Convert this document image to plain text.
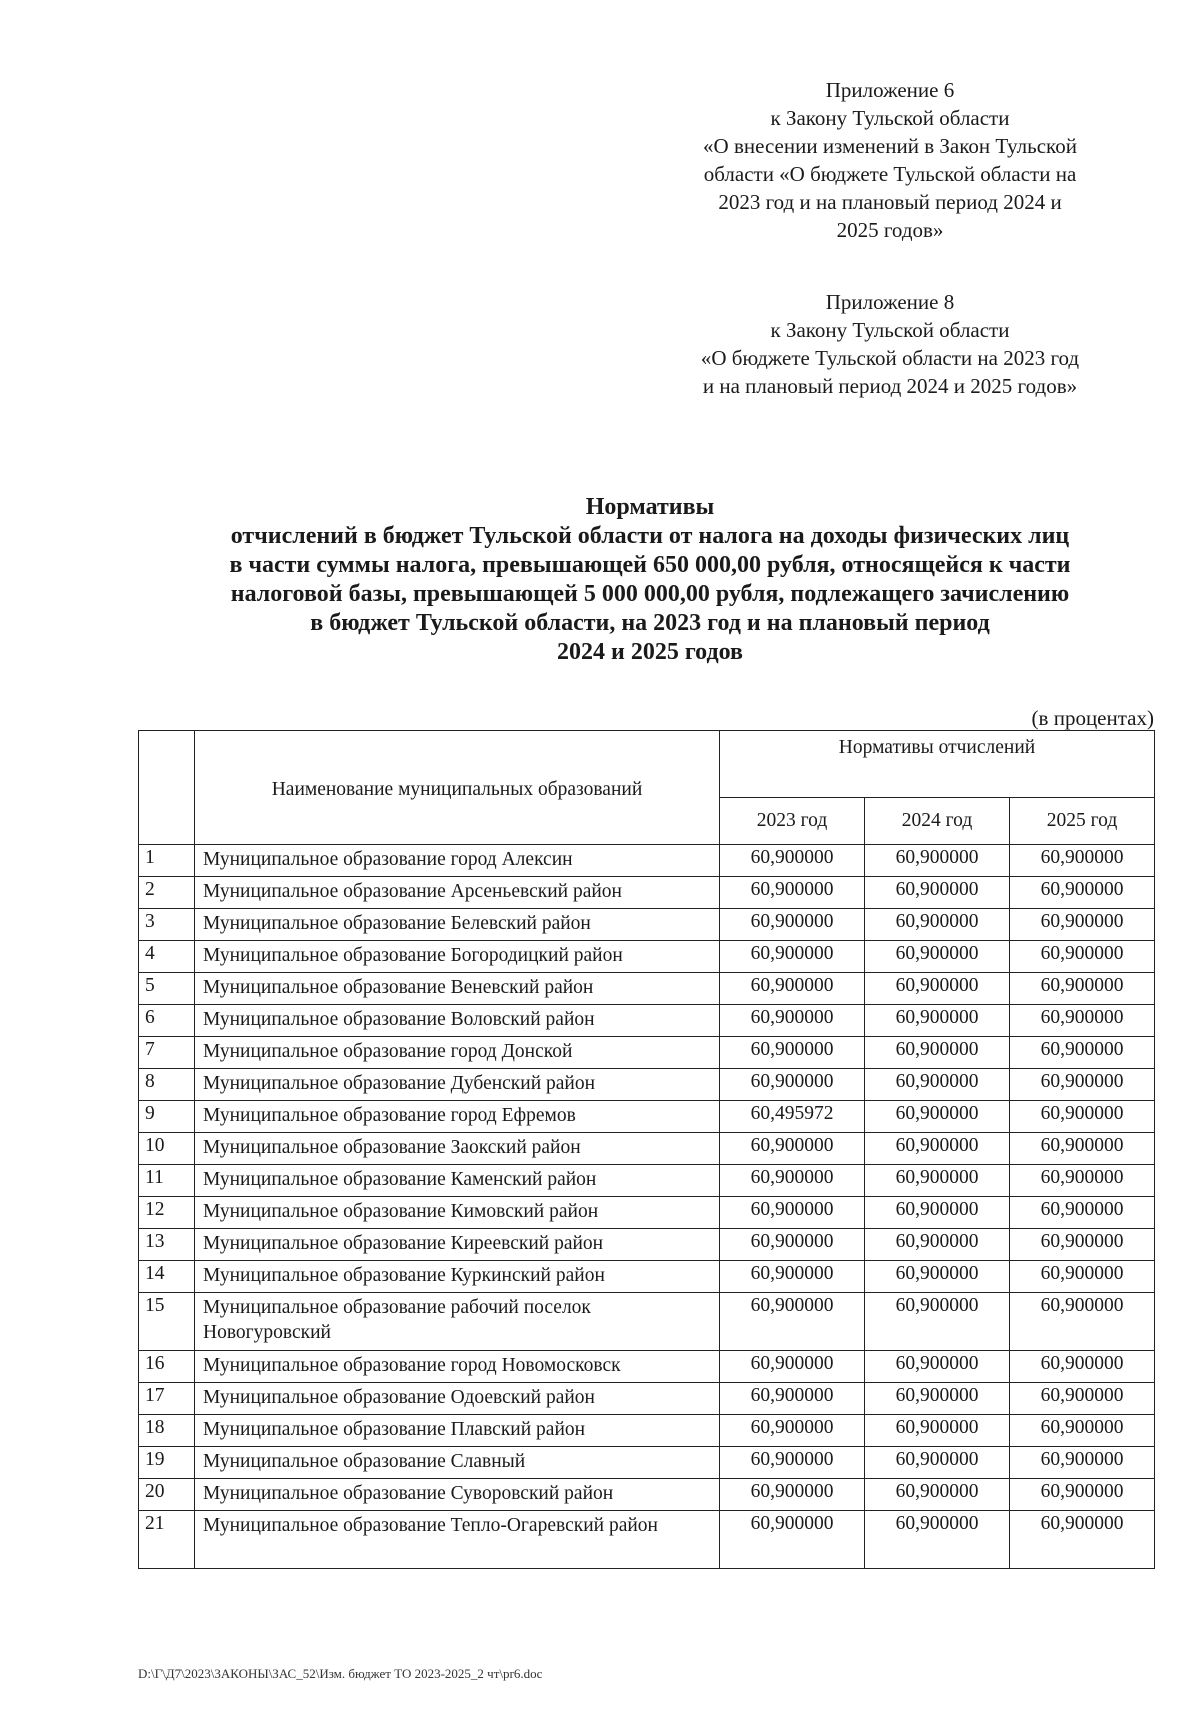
Приложение 6
к Закону Тульской области
«О внесении изменений в Закон Тульской
области «О бюджете Тульской области на
2023 год и на плановый период 2024 и
2025 годов»
Приложение 8
к Закону Тульской области
«О бюджете Тульской области на 2023 год
и на плановый период 2024 и 2025 годов»
Нормативы
отчислений в бюджет Тульской области от налога на доходы физических лиц
в части суммы налога, превышающей 650 000,00 рубля, относящейся к части
налоговой базы, превышающей 5 000 000,00 рубля, подлежащего зачислению
в бюджет Тульской области, на 2023 год и на плановый период
2024 и 2025 годов
(в процентах)
	Наименование муниципальных образований	Нормативы отчислений		
		2023 год	2024 год	2025 год
1	Муниципальное образование город Алексин	60,900000	60,900000	60,900000
2	Муниципальное образование Арсеньевский район	60,900000	60,900000	60,900000
3	Муниципальное образование Белевский район	60,900000	60,900000	60,900000
4	Муниципальное образование Богородицкий район	60,900000	60,900000	60,900000
5	Муниципальное образование Веневский район	60,900000	60,900000	60,900000
6	Муниципальное образование Воловский район	60,900000	60,900000	60,900000
7	Муниципальное образование город Донской	60,900000	60,900000	60,900000
8	Муниципальное образование Дубенский район	60,900000	60,900000	60,900000
9	Муниципальное образование город Ефремов	60,495972	60,900000	60,900000
10	Муниципальное образование Заокский район	60,900000	60,900000	60,900000
11	Муниципальное образование Каменский район	60,900000	60,900000	60,900000
12	Муниципальное образование Кимовский район	60,900000	60,900000	60,900000
13	Муниципальное образование Киреевский район	60,900000	60,900000	60,900000
14	Муниципальное образование Куркинский район	60,900000	60,900000	60,900000
15	Муниципальное образование рабочий поселок Новогуровский	60,900000	60,900000	60,900000
16	Муниципальное образование город Новомосковск	60,900000	60,900000	60,900000
17	Муниципальное образование Одоевский район	60,900000	60,900000	60,900000
18	Муниципальное образование Плавский район	60,900000	60,900000	60,900000
19	Муниципальное образование Славный	60,900000	60,900000	60,900000
20	Муниципальное образование Суворовский район	60,900000	60,900000	60,900000
21	Муниципальное образование Тепло-Огаревский район	60,900000	60,900000	60,900000
D:\Г\Д7\2023\ЗАКОНЫ\ЗАС_52\Изм. бюджет ТО 2023-2025_2 чт\pr6.doc
